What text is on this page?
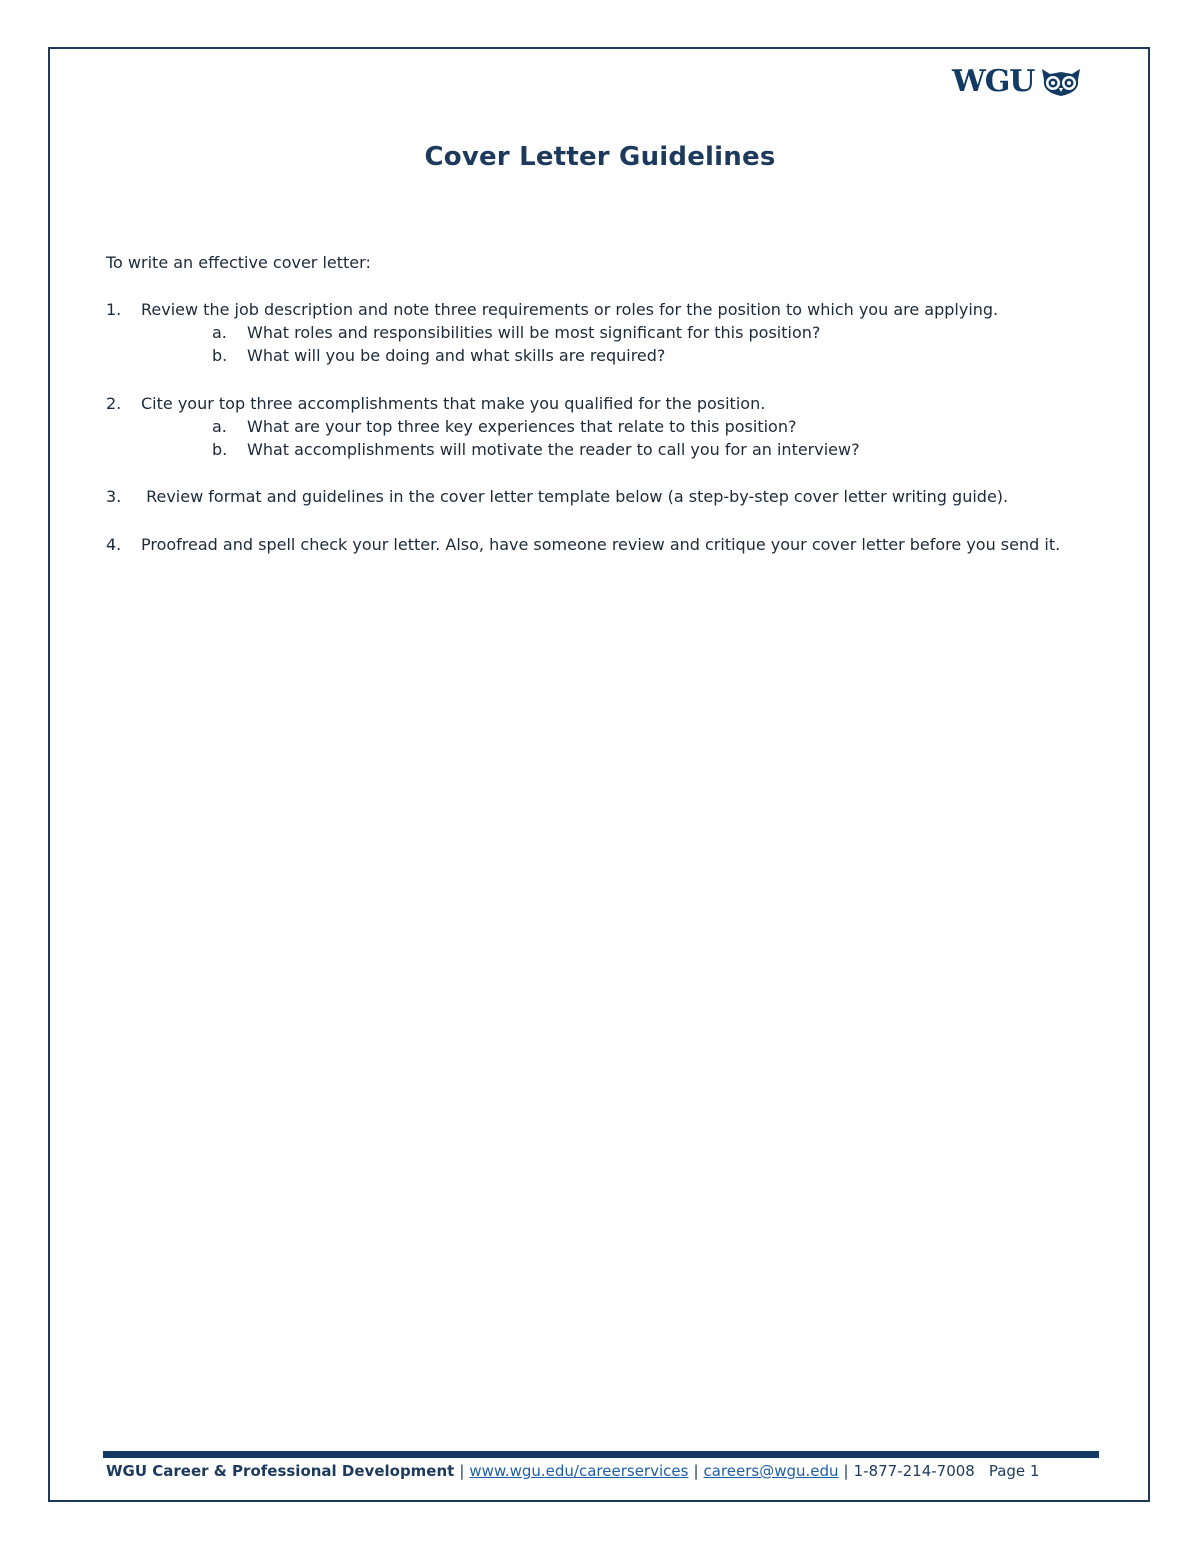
WGU
Cover Letter Guidelines
To write an effective cover letter:
1.	Review the job description and note three requirements or roles for the position to which you are applying.
a.	What roles and responsibilities will be most significant for this position?
b.	What will you be doing and what skills are required?
2.	Cite your top three accomplishments that make you qualified for the position.
a.	What are your top three key experiences that relate to this position?
b.	What accomplishments will motivate the reader to call you for an interview?
3.	Review format and guidelines in the cover letter template below (a step-by-step cover letter writing guide).
4.	Proofread and spell check your letter. Also, have someone review and critique your cover letter before you send it.
WGU Career & Professional Development | www.wgu.edu/careerservices | careers@wgu.edu | 1-877-214-7008 Page 1
